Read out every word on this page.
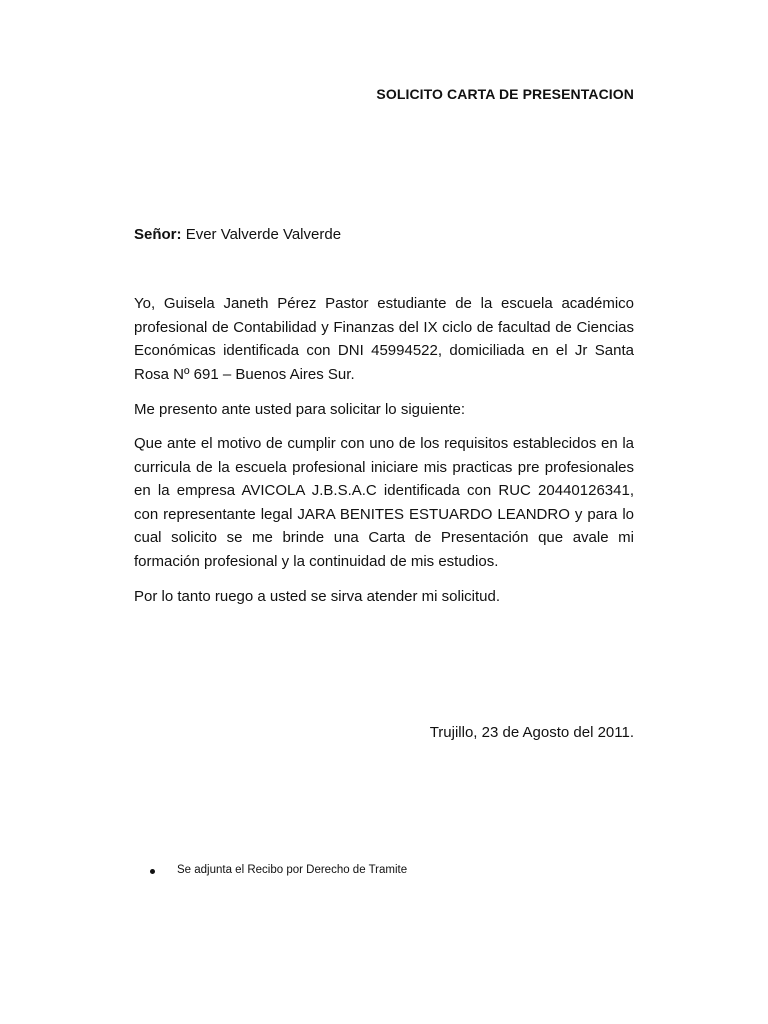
SOLICITO CARTA DE PRESENTACION
Señor: Ever Valverde Valverde

Yo, Guisela Janeth Pérez Pastor estudiante de la escuela académico profesional de Contabilidad y Finanzas del IX ciclo de facultad de Ciencias Económicas identificada con DNI 45994522, domiciliada en el Jr Santa Rosa Nº 691 – Buenos Aires Sur.

Me presento ante usted para solicitar lo siguiente:

Que ante el motivo de cumplir con uno de los requisitos establecidos en la curricula de la escuela profesional iniciare mis practicas pre profesionales en la empresa AVICOLA J.B.S.A.C identificada con RUC 20440126341, con representante legal JARA BENITES ESTUARDO LEANDRO y para lo cual solicito se me brinde una Carta de Presentación que avale mi formación profesional y la continuidad de mis estudios.

Por lo tanto ruego a usted se sirva atender mi solicitud.

Trujillo, 23 de Agosto del 2011.
Se adjunta el Recibo por Derecho de Tramite
